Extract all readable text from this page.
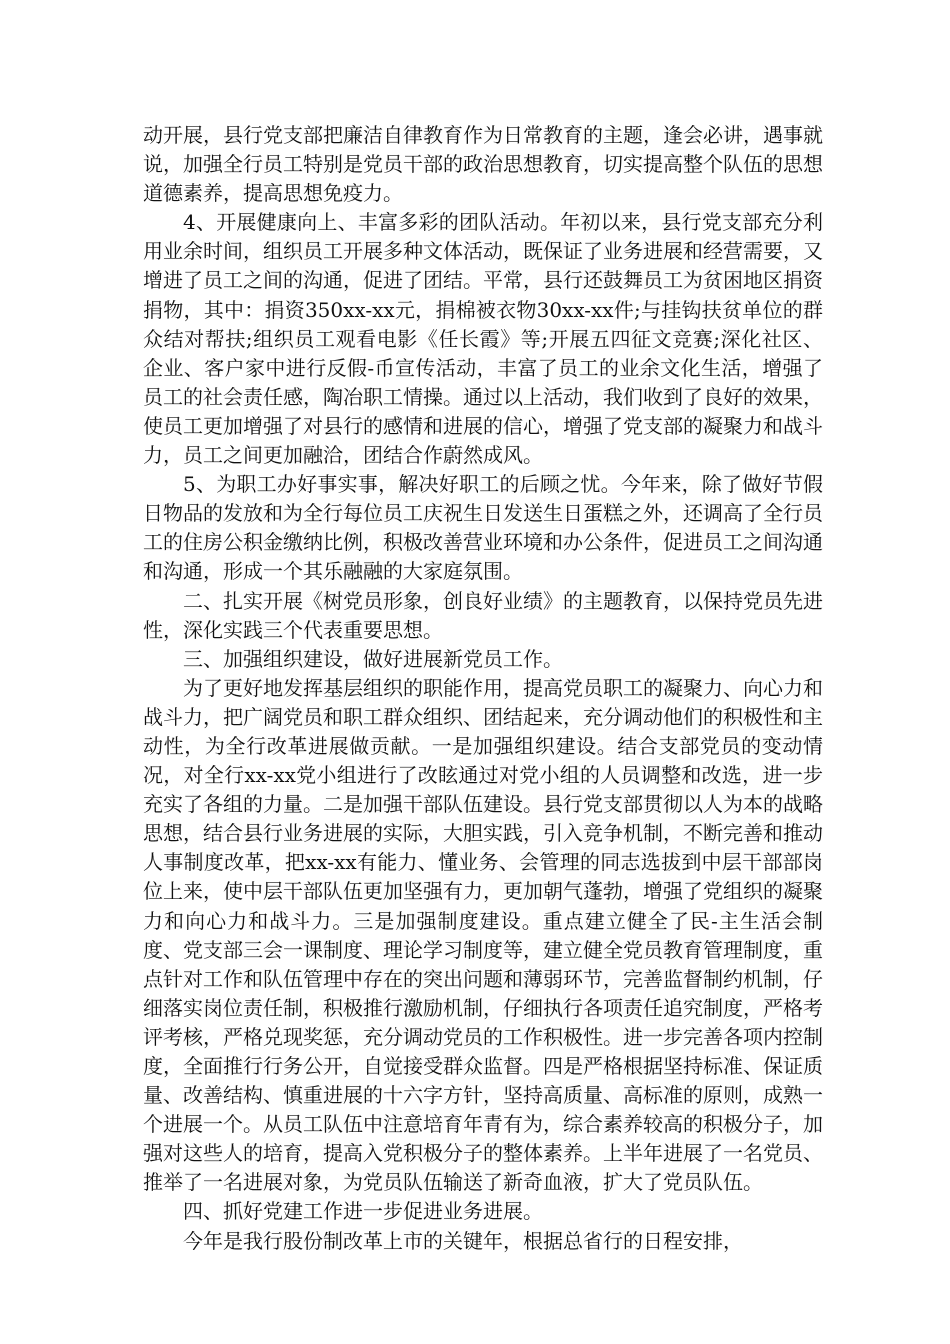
动开展，县行党支部把廉洁自律教育作为日常教育的主题，逢会必讲，遇事就说，加强全行员工特别是党员干部的政治思想教育，切实提高整个队伍的思想道德素养，提高思想免疫力。

4、开展健康向上、丰富多彩的团队活动。年初以来，县行党支部充分利用业余时间，组织员工开展多种文体活动，既保证了业务进展和经营需要，又增进了员工之间的沟通，促进了团结。平常，县行还鼓舞员工为贫困地区捐资捐物，其中：捐资350xx-xx元，捐棉被衣物30xx-xx件;与挂钩扶贫单位的群众结对帮扶;组织员工观看电影《任长霞》等;开展五四征文竞赛;深化社区、企业、客户家中进行反假-币宣传活动，丰富了员工的业余文化生活，增强了员工的社会责任感，陶冶职工情操。通过以上活动，我们收到了良好的效果，使员工更加增强了对县行的感情和进展的信心，增强了党支部的凝聚力和战斗力，员工之间更加融洽，团结合作蔚然成风。

5、为职工办好事实事，解决好职工的后顾之忧。今年来，除了做好节假日物品的发放和为全行每位员工庆祝生日发送生日蛋糕之外，还调高了全行员工的住房公积金缴纳比例，积极改善营业环境和办公条件，促进员工之间沟通和沟通，形成一个其乐融融的大家庭氛围。

二、扎实开展《树党员形象，创良好业绩》的主题教育，以保持党员先进性，深化实践三个代表重要思想。

三、加强组织建设，做好进展新党员工作。

为了更好地发挥基层组织的职能作用，提高党员职工的凝聚力、向心力和战斗力，把广阔党员和职工群众组织、团结起来，充分调动他们的积极性和主动性，为全行改革进展做贡献。一是加强组织建设。结合支部党员的变动情况，对全行xx-xx党小组进行了改眩通过对党小组的人员调整和改选，进一步充实了各组的力量。二是加强干部队伍建设。县行党支部贯彻以人为本的战略思想，结合县行业务进展的实际，大胆实践，引入竞争机制，不断完善和推动人事制度改革，把xx-xx有能力、懂业务、会管理的同志选拔到中层干部部岗位上来，使中层干部队伍更加坚强有力，更加朝气蓬勃，增强了党组织的凝聚力和向心力和战斗力。三是加强制度建设。重点建立健全了民-主生活会制度、党支部三会一课制度、理论学习制度等，建立健全党员教育管理制度，重点针对工作和队伍管理中存在的突出问题和薄弱环节，完善监督制约机制，仔细落实岗位责任制，积极推行激励机制，仔细执行各项责任追究制度，严格考评考核，严格兑现奖惩，充分调动党员的工作积极性。进一步完善各项内控制度，全面推行行务公开，自觉接受群众监督。四是严格根据坚持标准、保证质量、改善结构、慎重进展的十六字方针，坚持高质量、高标准的原则，成熟一个进展一个。从员工队伍中注意培育年青有为，综合素养较高的积极分子，加强对这些人的培育，提高入党积极分子的整体素养。上半年进展了一名党员、推举了一名进展对象，为党员队伍输送了新奇血液，扩大了党员队伍。

四、抓好党建工作进一步促进业务进展。

今年是我行股份制改革上市的关键年，根据总省行的日程安排，
